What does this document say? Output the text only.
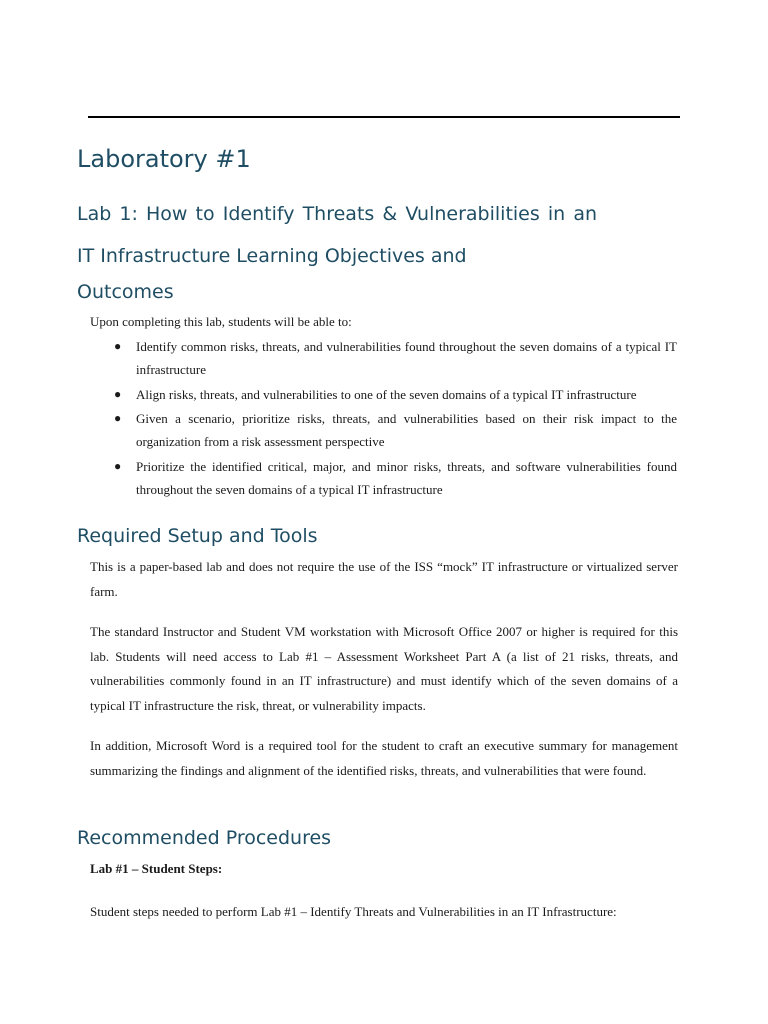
Laboratory #1
Lab 1: How to Identify Threats & Vulnerabilities in an IT Infrastructure Learning Objectives and
Outcomes

Upon completing this lab, students will be able to:

● Identify common risks, threats, and vulnerabilities found throughout the seven domains of a typical IT infrastructure
● Align risks, threats, and vulnerabilities to one of the seven domains of a typical IT infrastructure
● Given a scenario, prioritize risks, threats, and vulnerabilities based on their risk impact to the organization from a risk assessment perspective
● Prioritize the identified critical, major, and minor risks, threats, and software vulnerabilities found throughout the seven domains of a typical IT infrastructure
Required Setup and Tools

This is a paper-based lab and does not require the use of the ISS “mock” IT infrastructure or virtualized server farm.

The standard Instructor and Student VM workstation with Microsoft Office 2007 or higher is required for this lab. Students will need access to Lab #1 – Assessment Worksheet Part A (a list of 21 risks, threats, and vulnerabilities commonly found in an IT infrastructure) and must identify which of the seven domains of a typical IT infrastructure the risk, threat, or vulnerability impacts.

In addition, Microsoft Word is a required tool for the student to craft an executive summary for management summarizing the findings and alignment of the identified risks, threats, and vulnerabilities that were found.

Recommended Procedures

Lab #1 – Student Steps:

Student steps needed to perform Lab #1 – Identify Threats and Vulnerabilities in an IT Infrastructure:
